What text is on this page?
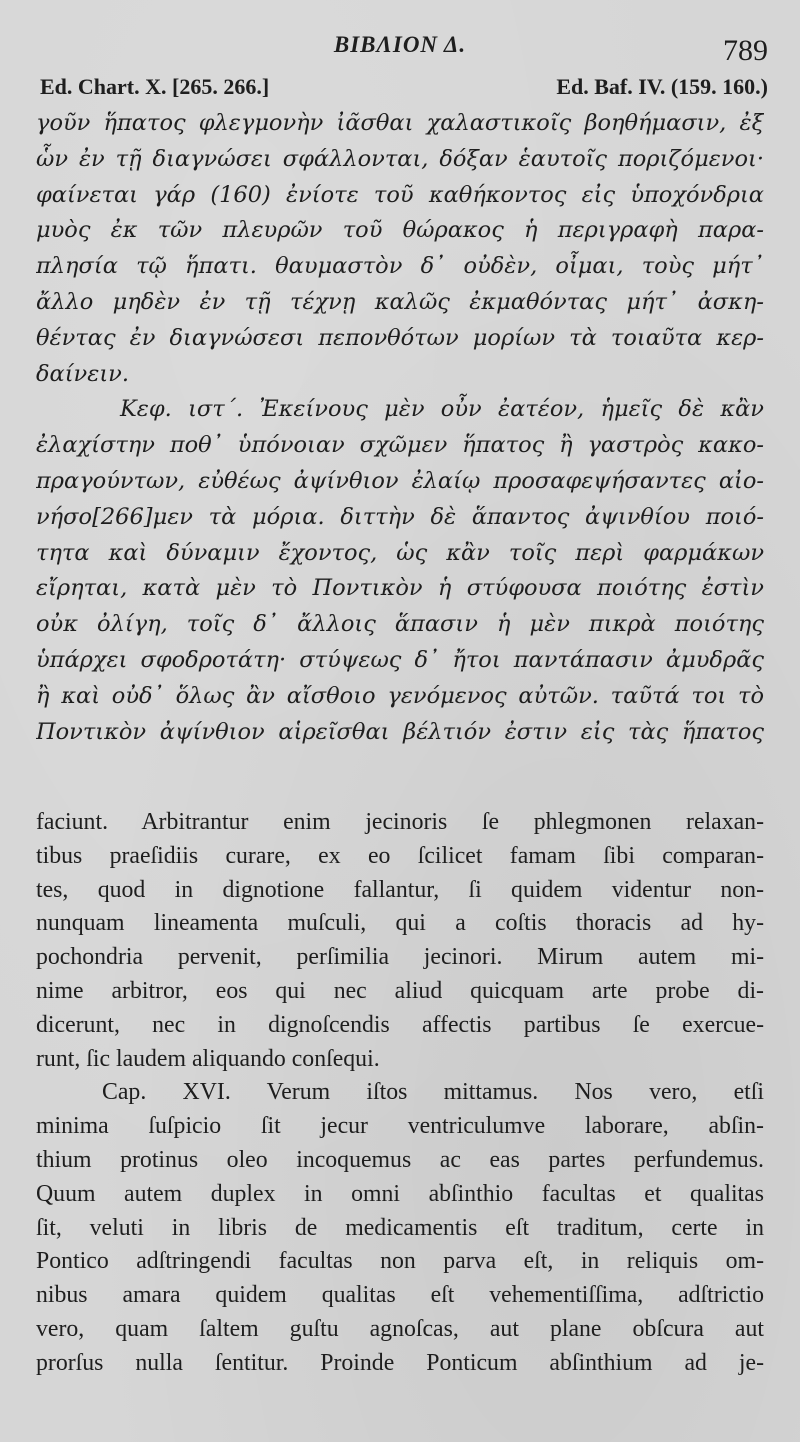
ΒΙΒΛΙΟΝ Δ.	789
Ed. Chart. X. [265. 266.]	Ed. Baf. IV. (159. 160.)
γοῦν ἥπατος φλεγμονὴν ἰᾶσθαι χαλαστικοῖς βοηθήμασιν, ἐξ
ὧν ἐν τῇ διαγνώσει σφάλλονται, δόξαν ἑαυτοῖς ποριζόμενοι·
φαίνεται γάρ (160) ἐνίοτε τοῦ καθήκοντος εἰς ὑποχόνδρια
μυὸς ἐκ τῶν πλευρῶν τοῦ θώρακος ἡ περιγραφὴ παρα-
πλησία τῷ ἥπατι. θαυμαστὸν δ᾽ οὐδὲν, οἶμαι, τοὺς μήτ᾽
ἄλλο μηδὲν ἐν τῇ τέχνῃ καλῶς ἐκμαθόντας μήτ᾽ ἀσκη-
θέντας ἐν διαγνώσεσι πεπονθότων μορίων τὰ τοιαῦτα κερ-
δαίνειν.
Κεφ. ιστ΄. Ἐκείνους μὲν οὖν ἐατέον, ἡμεῖς δὲ κἂν
ἐλαχίστην ποθ᾽ ὑπόνοιαν σχῶμεν ἥπατος ἢ γαστρὸς κακο-
πραγούντων, εὐθέως ἀψίνθιον ἐλαίῳ προσαφεψήσαντες αἰο-
νήσο[266]μεν τὰ μόρια. διττὴν δὲ ἅπαντος ἀψινθίου ποιό-
τητα καὶ δύναμιν ἔχοντος, ὡς κἂν τοῖς περὶ φαρμάκων
εἴρηται, κατὰ μὲν τὸ Ποντικὸν ἡ στύφουσα ποιότης ἐστὶν
οὐκ ὀλίγη, τοῖς δ᾽ ἄλλοις ἅπασιν ἡ μὲν πικρὰ ποιότης
ὑπάρχει σφοδροτάτη· στύψεως δ᾽ ἤτοι παντάπασιν ἀμυδρᾶς
ἢ καὶ οὐδ᾽ ὅλως ἂν αἴσθοιο γενόμενος αὐτῶν. ταῦτά τοι τὸ
Ποντικὸν ἀψίνθιον αἱρεῖσθαι βέλτιόν ἐστιν εἰς τὰς ἥπατος
faciunt. Arbitrantur enim jecinoris ſe phlegmonen relaxan-
tibus praeſidiis curare, ex eo ſcilicet famam ſibi comparan-
tes, quod in dignotione fallantur, ſi quidem videntur non-
nunquam lineamenta muſculi, qui a coſtis thoracis ad hy-
pochondria pervenit, perſimilia jecinori. Mirum autem mi-
nime arbitror, eos qui nec aliud quicquam arte probe di-
dicerunt, nec in dignoſcendis affectis partibus ſe exercue-
runt, ſic laudem aliquando conſequi.
Cap. XVI. Verum iſtos mittamus. Nos vero, etſi
minima ſuſpicio ſit jecur ventriculumve laborare, abſin-
thium protinus oleo incoquemus ac eas partes perfundemus.
Quum autem duplex in omni abſinthio facultas et qualitas
ſit, veluti in libris de medicamentis eſt traditum, certe in
Pontico adſtringendi facultas non parva eſt, in reliquis om-
nibus amara quidem qualitas eſt vehementiſſima, adſtrictio
vero, quam ſaltem guſtu agnoſcas, aut plane obſcura aut
prorſus nulla ſentitur. Proinde Ponticum abſinthium ad je-
